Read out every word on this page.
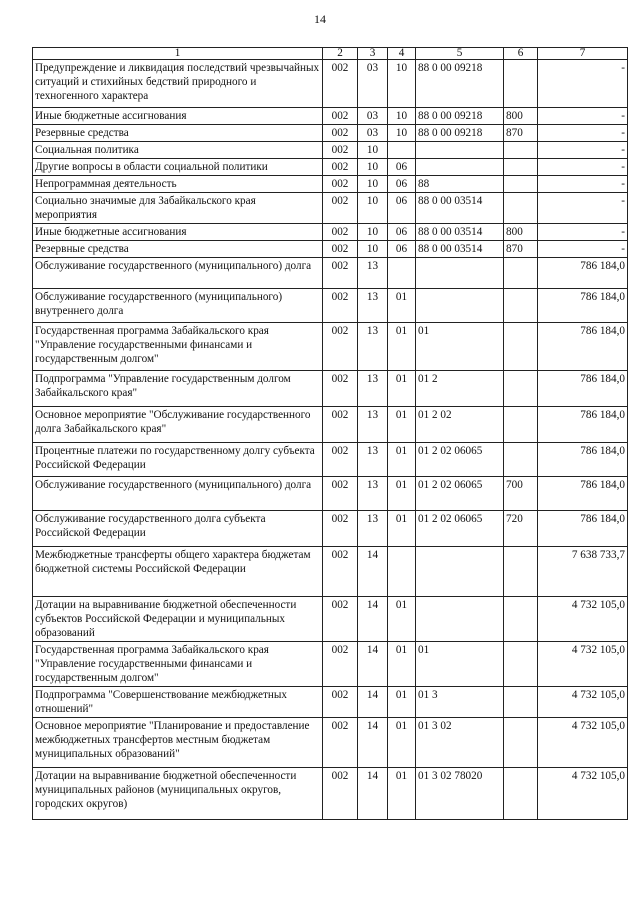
14
1	2	3	4	5	6	7
Предупреждение и ликвидация последствий чрезвычайных ситуаций и стихийных бедствий природного и техногенного характера	002	03	10	88 0 00 09218		-
Иные бюджетные ассигнования	002	03	10	88 0 00 09218	800	-
Резервные средства	002	03	10	88 0 00 09218	870	-
Социальная политика	002	10				-
Другие вопросы в области социальной политики	002	10	06			-
Непрограммная деятельность	002	10	06	88		-
Социально значимые для Забайкальского края мероприятия	002	10	06	88 0 00 03514		-
Иные бюджетные ассигнования	002	10	06	88 0 00 03514	800	-
Резервные средства	002	10	06	88 0 00 03514	870	-
Обслуживание государственного (муниципального) долга	002	13				786 184,0
Обслуживание государственного (муниципального) внутреннего долга	002	13	01			786 184,0
Государственная программа Забайкальского края "Управление государственными финансами и государственным долгом"	002	13	01	01		786 184,0
Подпрограмма "Управление государственным долгом Забайкальского края"	002	13	01	01 2		786 184,0
Основное мероприятие "Обслуживание государственного долга Забайкальского края"	002	13	01	01 2 02		786 184,0
Процентные платежи по государственному долгу субъекта Российской Федерации	002	13	01	01 2 02 06065		786 184,0
Обслуживание государственного (муниципального) долга	002	13	01	01 2 02 06065	700	786 184,0
Обслуживание государственного долга субъекта Российской Федерации	002	13	01	01 2 02 06065	720	786 184,0
Межбюджетные трансферты общего характера бюджетам бюджетной системы Российской Федерации	002	14				7 638 733,7
Дотации на выравнивание бюджетной обеспеченности субъектов Российской Федерации и муниципальных образований	002	14	01			4 732 105,0
Государственная программа Забайкальского края "Управление государственными финансами и государственным долгом"	002	14	01	01		4 732 105,0
Подпрограмма "Совершенствование межбюджетных отношений"	002	14	01	01 3		4 732 105,0
Основное мероприятие "Планирование и предоставление межбюджетных трансфертов местным бюджетам муниципальных образований"	002	14	01	01 3 02		4 732 105,0
Дотации на выравнивание бюджетной обеспеченности муниципальных районов (муниципальных округов, городских округов)	002	14	01	01 3 02 78020		4 732 105,0
